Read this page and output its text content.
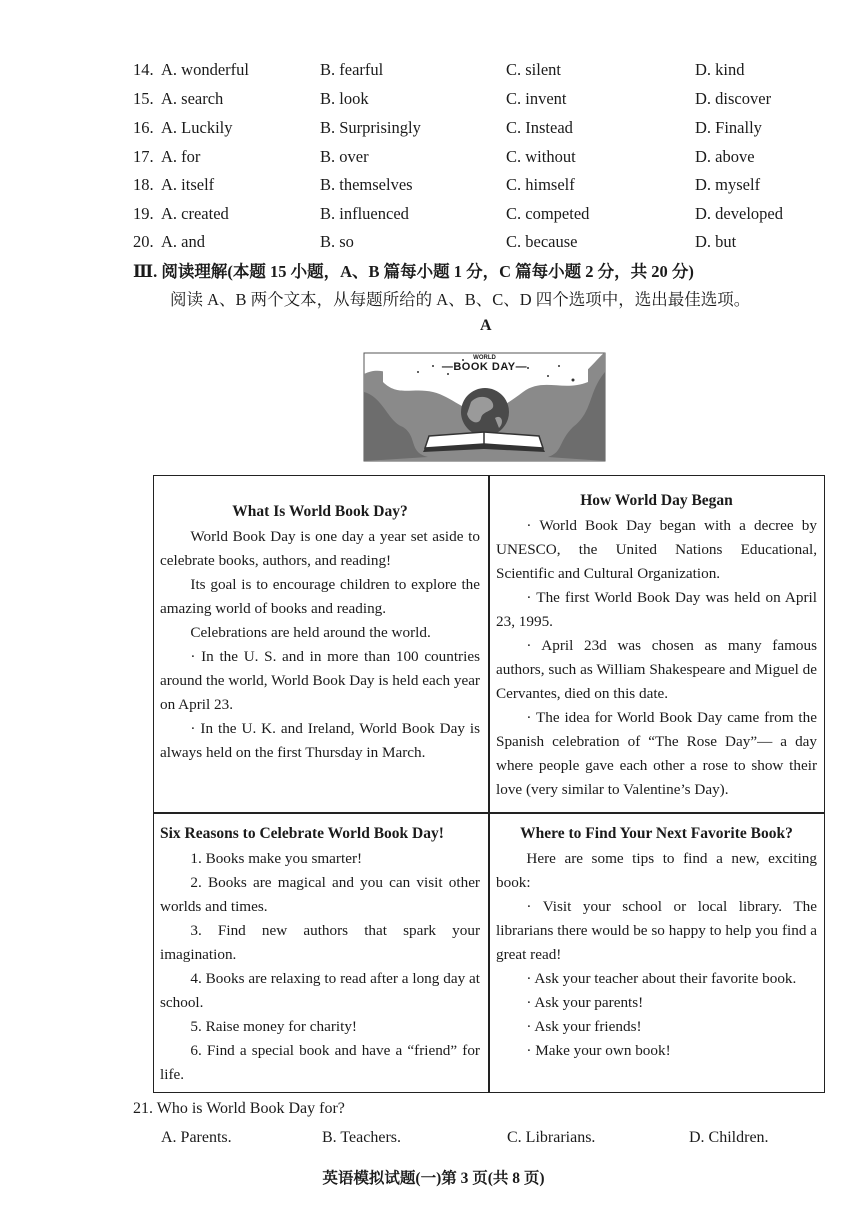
14. A. wonderful	B. fearful	C. silent	D. kind
15. A. search	B. look	C. invent	D. discover
16. A. Luckily	B. Surprisingly	C. Instead	D. Finally
17. A. for	B. over	C. without	D. above
18. A. itself	B. themselves	C. himself	D. myself
19. A. created	B. influenced	C. competed	D. developed
20. A. and	B. so	C. because	D. but
Ⅲ. 阅读理解(本题 15 小题，A、B 篇每小题 1 分，C 篇每小题 2 分，共 20 分)
阅读 A、B 两个文本，从每题所给的 A、B、C、D 四个选项中，选出最佳选项。
A
WORLD
—BOOK DAY—

What Is World Book Day?

World Book Day is one day a year set aside to celebrate books, authors, and reading!

Its goal is to encourage children to explore the amazing world of books and reading.

Celebrations are held around the world.

· In the U. S. and in more than 100 countries around the world, World Book Day is held each year on April 23.

· In the U. K. and Ireland, World Book Day is always held on the first Thursday in March.

How World Day Began

· World Book Day began with a decree by UNESCO, the United Nations Educational, Scientific and Cultural Organization.

· The first World Book Day was held on April 23, 1995.

· April 23d was chosen as many famous authors, such as William Shakespeare and Miguel de Cervantes, died on this date.

· The idea for World Book Day came from the Spanish celebration of “The Rose Day”— a day where people gave each other a rose to show their love (very similar to Valentine’s Day).

Six Reasons to Celebrate World Book Day!

1. Books make you smarter!

2. Books are magical and you can visit other worlds and times.

3. Find new authors that spark your imagination.

4. Books are relaxing to read after a long day at school.

5. Raise money for charity!

6. Find a special book and have a “friend” for life.

Where to Find Your Next Favorite Book?

Here are some tips to find a new, exciting book:

· Visit your school or local library. The librarians there would be so happy to help you find a great read!

· Ask your teacher about their favorite book.

· Ask your parents!

· Ask your friends!

· Make your own book!

21. Who is World Book Day for?
A. Parents.	B. Teachers.	C. Librarians.	D. Children.
英语模拟试题(一)第 3 页(共 8 页)
